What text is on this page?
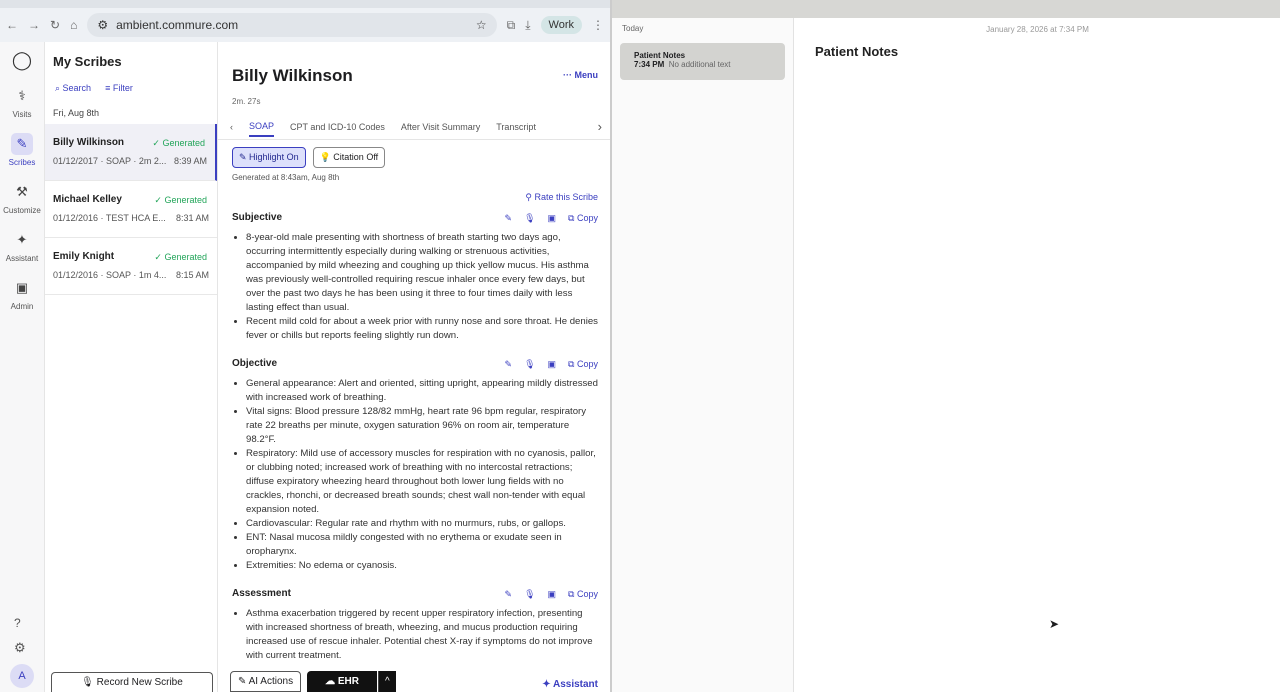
← → ↻ ⌂ ⚙ ambient.commure.com	☆ ⧉ ⤓	Work	⋮
◯
⚕
Visits
✎
Scribes
⚒
Customize
✦
Assistant
▣
Admin
?
⚙
A
My Scribes
⌕ Search ≡ Filter
Fri, Aug 8th
Billy Wilkinson	✓ Generated
01/12/2017 · SOAP · 2m 2... 8:39 AM
Michael Kelley	✓ Generated
01/12/2016 · TEST HCA E... 8:31 AM
Emily Knight	✓ Generated
01/12/2016 · SOAP · 1m 4... 8:15 AM
🎙 Record New Scribe
Billy Wilkinson	··· Menu
2m. 27s
‹ SOAP CPT and ICD-10 Codes After Visit Summary Transcript	›
✎ Highlight On	💡 Citation Off
Generated at 8:43am, Aug 8th
⚲ Rate this Scribe
Subjective	✎ 🎙 ▣ ⧉ Copy
• 8-year-old male presenting with shortness of breath starting two days ago, occurring intermittently especially during walking or strenuous activities, accompanied by mild wheezing and coughing up thick yellow mucus. His asthma was previously well-controlled requiring rescue inhaler once every few days, but over the past two days he has been using it three to four times daily with less lasting effect than usual.
• Recent mild cold for about a week prior with runny nose and sore throat. He denies fever or chills but reports feeling slightly run down.
Objective	✎ 🎙 ▣ ⧉ Copy
• General appearance: Alert and oriented, sitting upright, appearing mildly distressed with increased work of breathing.
• Vital signs: Blood pressure 128/82 mmHg, heart rate 96 bpm regular, respiratory rate 22 breaths per minute, oxygen saturation 96% on room air, temperature 98.2°F.
• Respiratory: Mild use of accessory muscles for respiration with no cyanosis, pallor, or clubbing noted; increased work of breathing with no intercostal retractions; diffuse expiratory wheezing heard throughout both lower lung fields with no crackles, rhonchi, or decreased breath sounds; chest wall non-tender with equal expansion noted.
• Cardiovascular: Regular rate and rhythm with no murmurs, rubs, or gallops.
• ENT: Nasal mucosa mildly congested with no erythema or exudate seen in oropharynx.
• Extremities: No edema or cyanosis.
Assessment	✎ 🎙 ▣ ⧉ Copy
• Asthma exacerbation triggered by recent upper respiratory infection, presenting with increased shortness of breath, wheezing, and mucus production requiring increased use of rescue inhaler. Potential chest X-ray if symptoms do not improve with current treatment.
✎ AI Actions	☁ EHR	^	✦ Assistant
Today
Patient Notes
7:34 PM No additional text
January 28, 2026 at 7:34 PM
Patient Notes
➤
